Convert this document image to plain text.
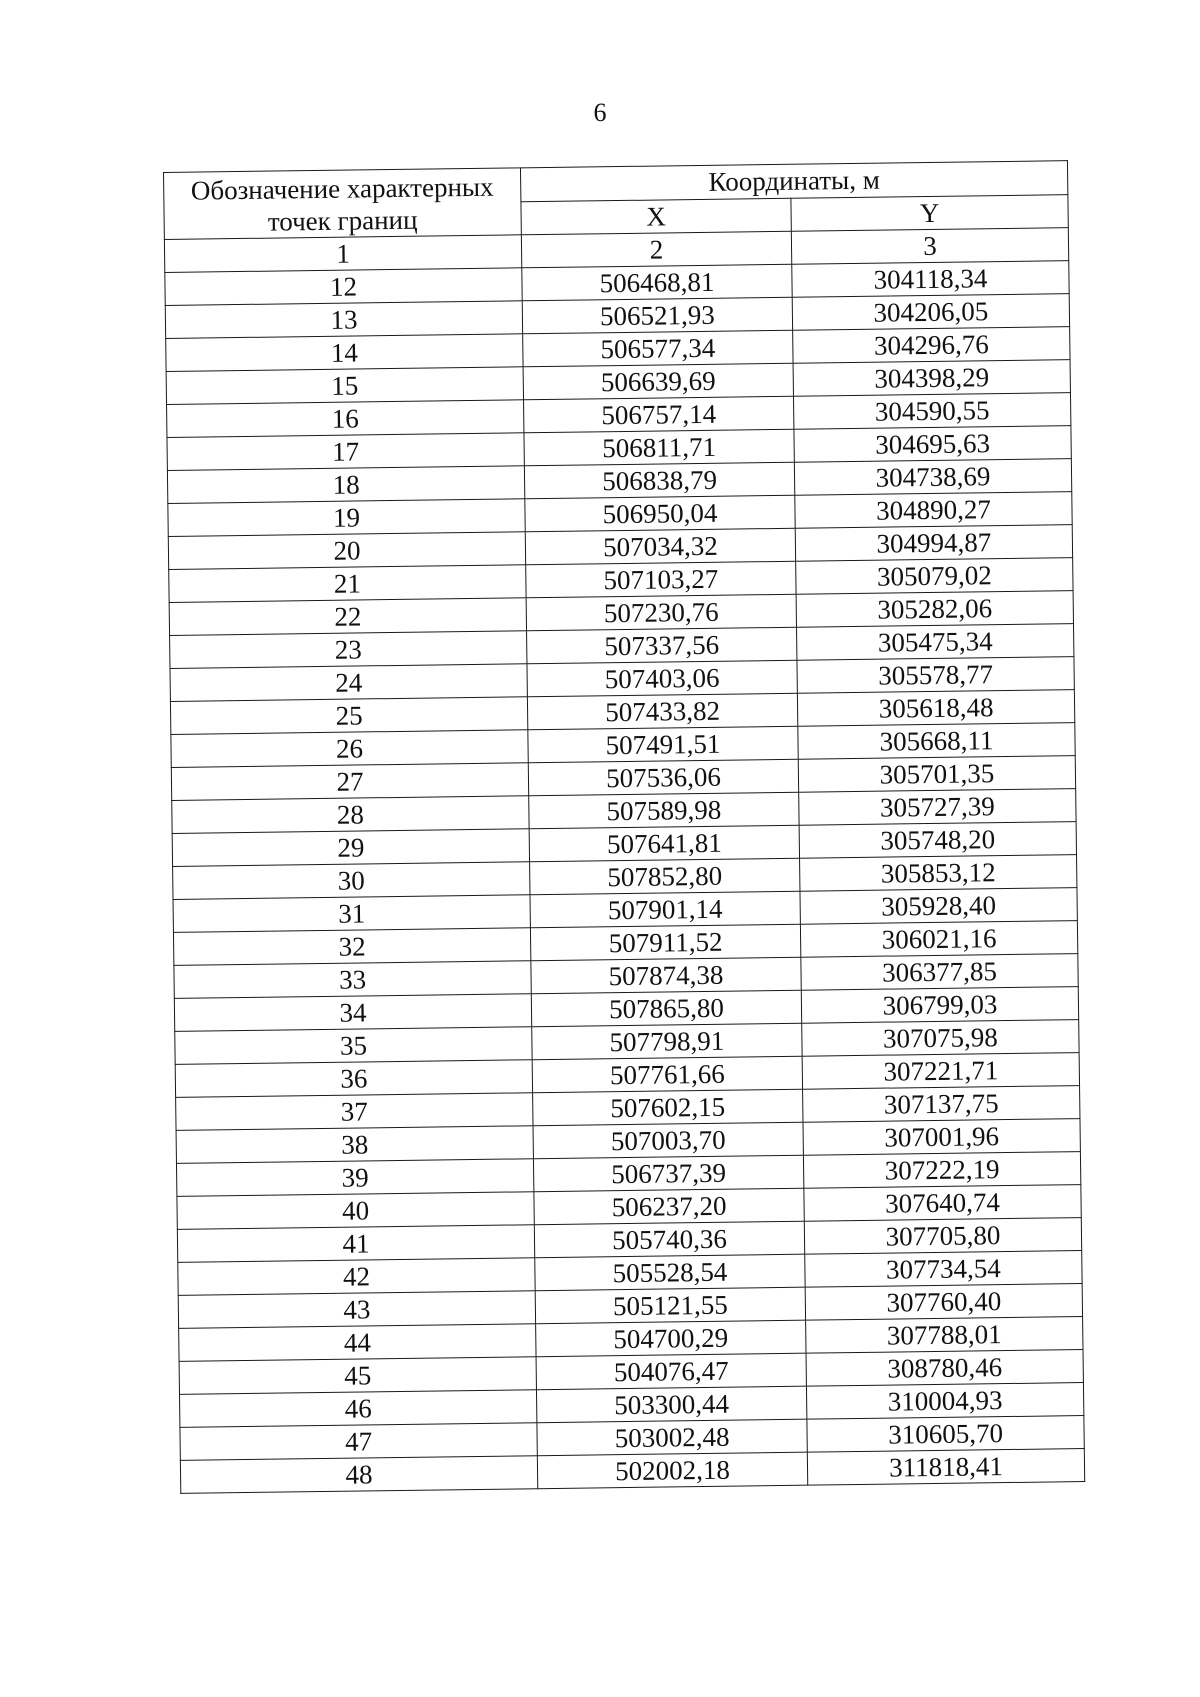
6
Обозначение характерных точек границ	Координаты, м	
	X	Y
1	2	3
12	506468,81	304118,34
13	506521,93	304206,05
14	506577,34	304296,76
15	506639,69	304398,29
16	506757,14	304590,55
17	506811,71	304695,63
18	506838,79	304738,69
19	506950,04	304890,27
20	507034,32	304994,87
21	507103,27	305079,02
22	507230,76	305282,06
23	507337,56	305475,34
24	507403,06	305578,77
25	507433,82	305618,48
26	507491,51	305668,11
27	507536,06	305701,35
28	507589,98	305727,39
29	507641,81	305748,20
30	507852,80	305853,12
31	507901,14	305928,40
32	507911,52	306021,16
33	507874,38	306377,85
34	507865,80	306799,03
35	507798,91	307075,98
36	507761,66	307221,71
37	507602,15	307137,75
38	507003,70	307001,96
39	506737,39	307222,19
40	506237,20	307640,74
41	505740,36	307705,80
42	505528,54	307734,54
43	505121,55	307760,40
44	504700,29	307788,01
45	504076,47	308780,46
46	503300,44	310004,93
47	503002,48	310605,70
48	502002,18	311818,41
